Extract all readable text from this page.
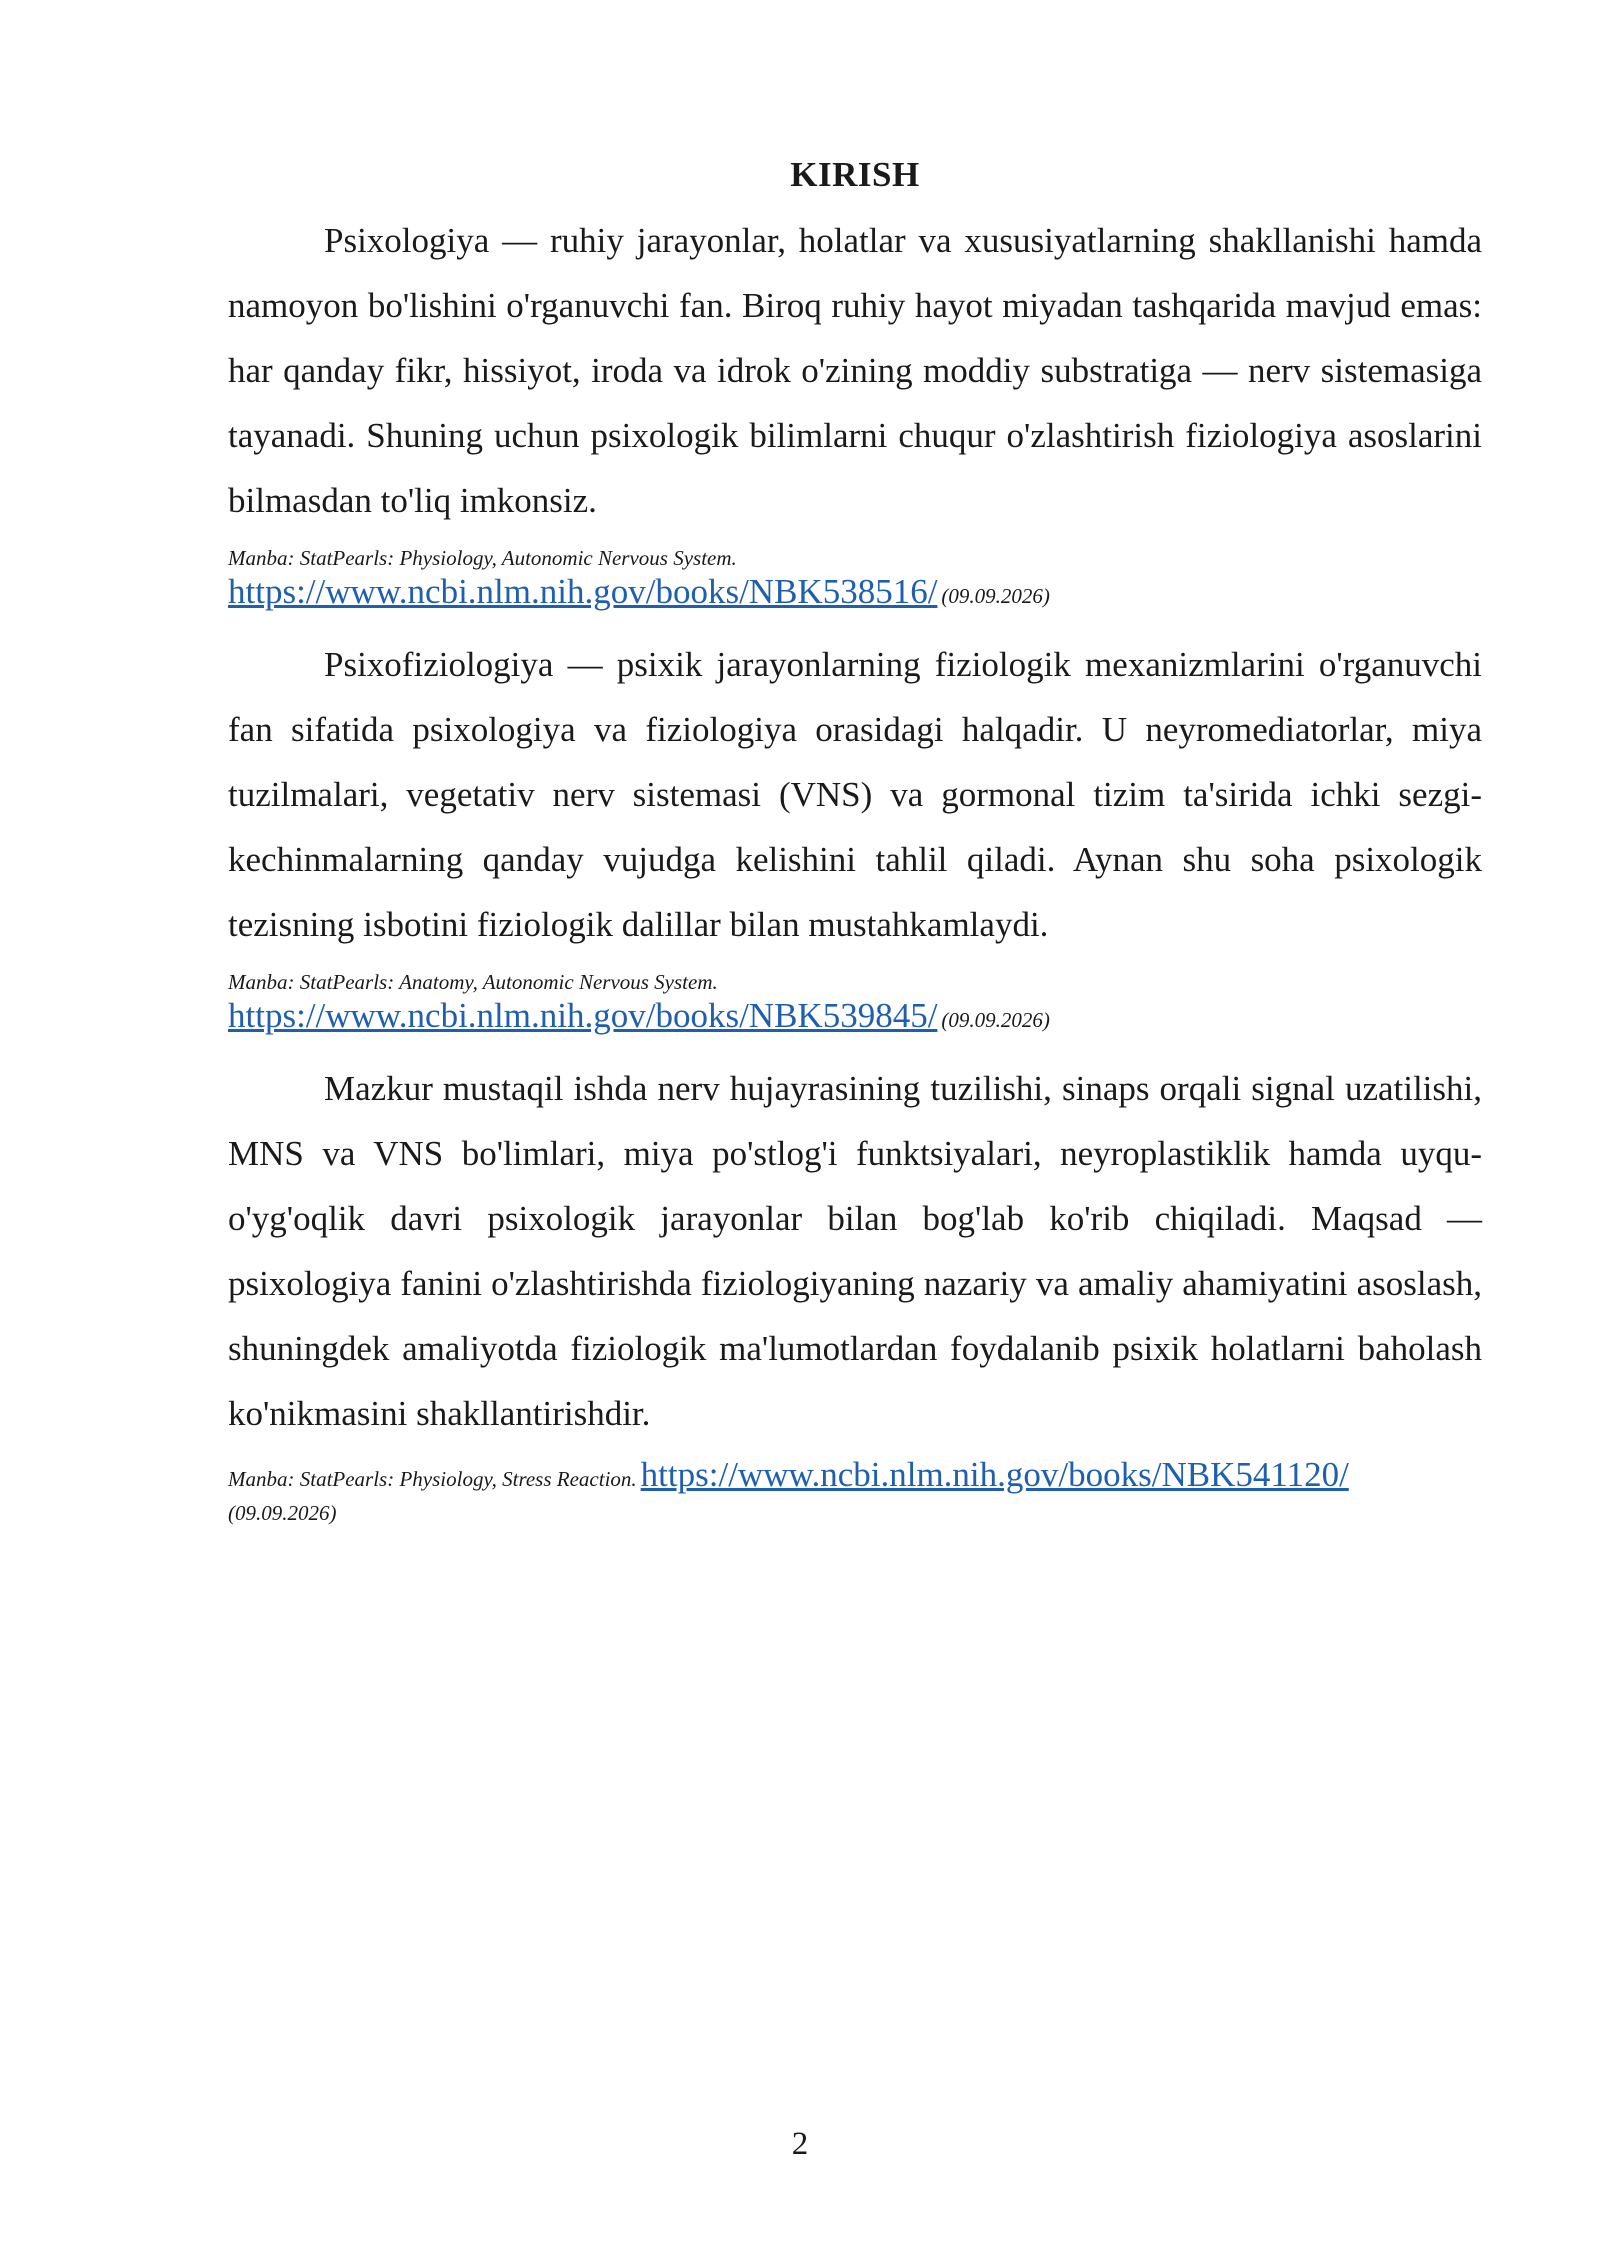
KIRISH

Psixologiya — ruhiy jarayonlar, holatlar va xususiyatlarning shakllanishi hamda namoyon bo'lishini o'rganuvchi fan. Biroq ruhiy hayot miyadan tashqarida mavjud emas: har qanday fikr, hissiyot, iroda va idrok o'zining moddiy substratiga — nerv sistemasiga tayanadi. Shuning uchun psixologik bilimlarni chuqur o'zlashtirish fiziologiya asoslarini bilmasdan to'liq imkonsiz.

Manba: StatPearls: Physiology, Autonomic Nervous System.
https://www.ncbi.nlm.nih.gov/books/NBK538516/ (09.09.2026)

Psixofiziologiya — psixik jarayonlarning fiziologik mexanizmlarini o'rganuvchi fan sifatida psixologiya va fiziologiya orasidagi halqadir. U neyromediatorlar, miya tuzilmalari, vegetativ nerv sistemasi (VNS) va gormonal tizim ta'sirida ichki sezgi-kechinmalarning qanday vujudga kelishini tahlil qiladi. Aynan shu soha psixologik tezisning isbotini fiziologik dalillar bilan mustahkamlaydi.

Manba: StatPearls: Anatomy, Autonomic Nervous System.
https://www.ncbi.nlm.nih.gov/books/NBK539845/ (09.09.2026)

Mazkur mustaqil ishda nerv hujayrasining tuzilishi, sinaps orqali signal uzatilishi, MNS va VNS bo'limlari, miya po'stlog'i funktsiyalari, neyroplastiklik hamda uyqu-o'yg'oqlik davri psixologik jarayonlar bilan bog'lab ko'rib chiqiladi. Maqsad — psixologiya fanini o'zlashtirishda fiziologiyaning nazariy va amaliy ahamiyatini asoslash, shuningdek amaliyotda fiziologik ma'lumotlardan foydalanib psixik holatlarni baholash ko'nikmasini shakllantirishdir.

Manba: StatPearls: Physiology, Stress Reaction. https://www.ncbi.nlm.nih.gov/books/NBK541120/
(09.09.2026)
2
